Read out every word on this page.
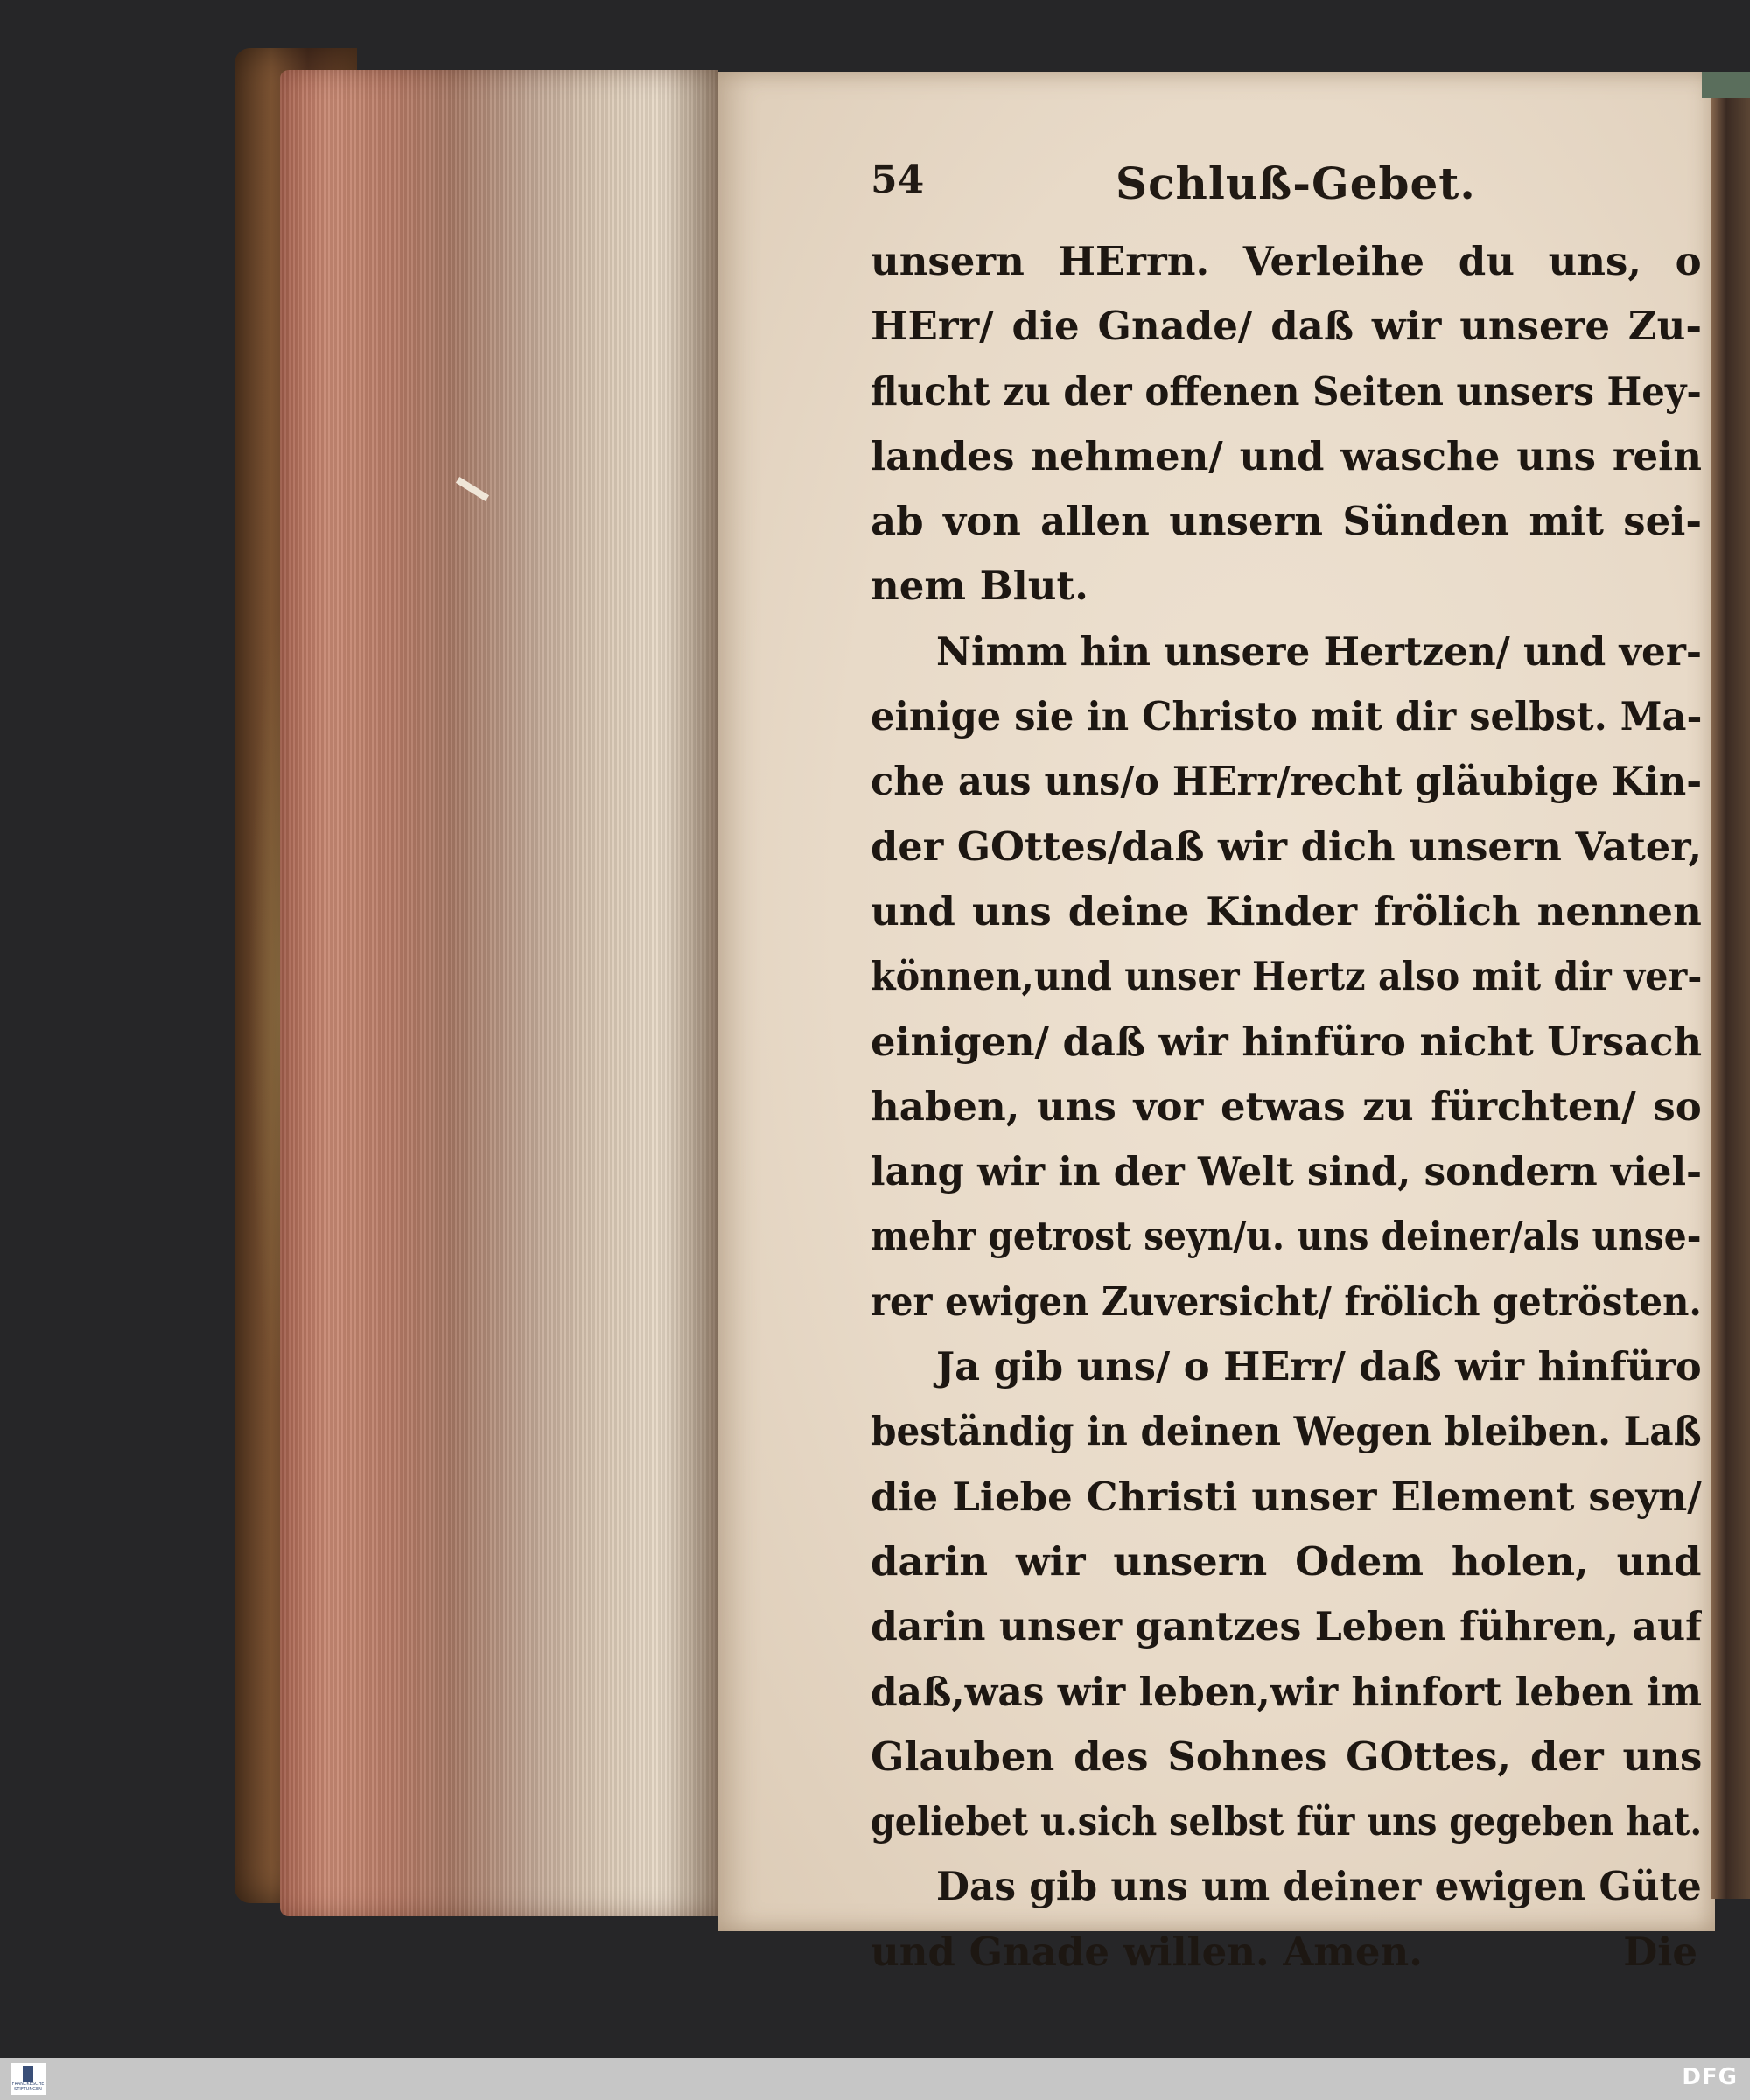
54	Schluß-Gebet.
unsern HErrn. Verleihe du uns, o
HErr/ die Gnade/ daß wir unsere Zu-
flucht zu der offenen Seiten unsers Hey-
landes nehmen/ und wasche uns rein
ab von allen unsern Sünden mit sei-
nem Blut.
Nimm hin unsere Hertzen/ und ver-
einige sie in Christo mit dir selbst. Ma-
che aus uns/o HErr/recht gläubige Kin-
der GOttes/daß wir dich unsern Vater,
und uns deine Kinder frölich nennen
können,und unser Hertz also mit dir ver-
einigen/ daß wir hinfüro nicht Ursach
haben, uns vor etwas zu fürchten/ so
lang wir in der Welt sind, sondern viel-
mehr getrost seyn/u. uns deiner/als unse-
rer ewigen Zuversicht/ frölich getrösten.
Ja gib uns/ o HErr/ daß wir hinfüro
beständig in deinen Wegen bleiben. Laß
die Liebe Christi unser Element seyn/
darin wir unsern Odem holen, und
darin unser gantzes Leben führen, auf
daß,was wir leben,wir hinfort leben im
Glauben des Sohnes GOttes, der uns
geliebet u.sich selbst für uns gegeben hat.
Das gib uns um deiner ewigen Güte
und Gnade willen. Amen.	Die
FRANCKESCHE STIFTUNGEN	DFG
